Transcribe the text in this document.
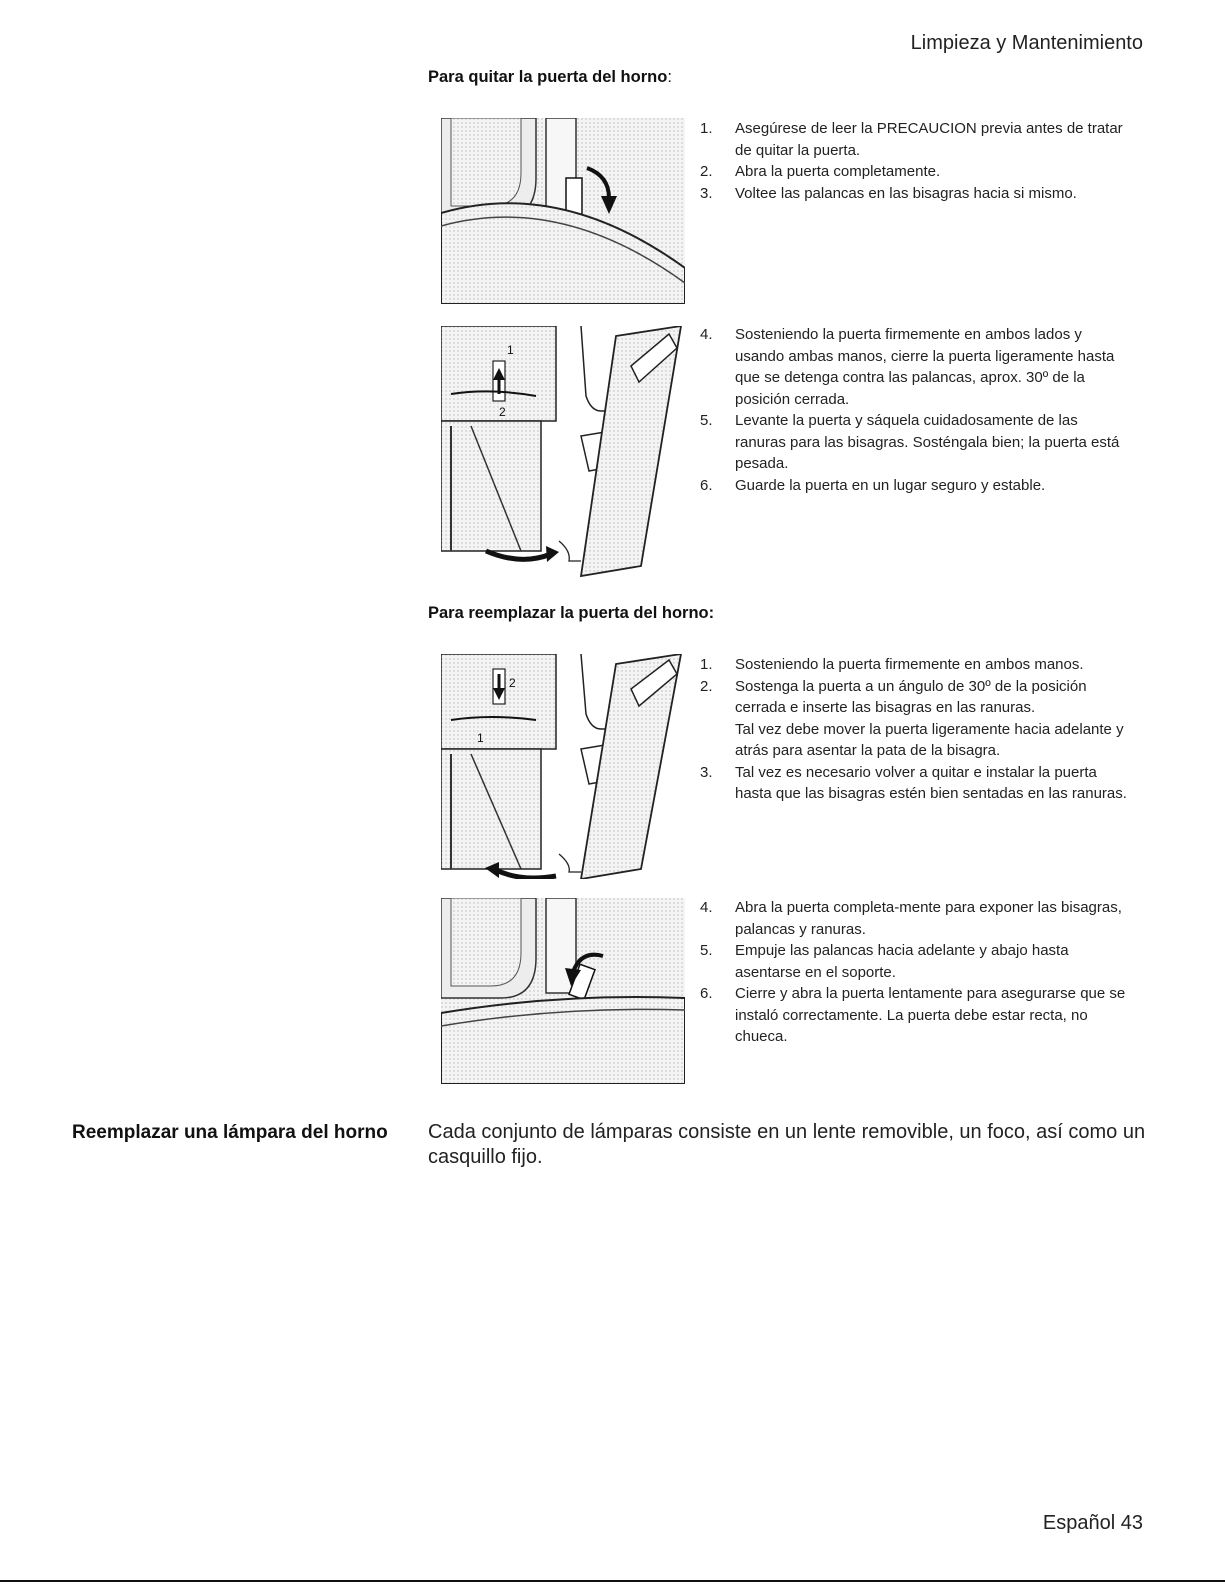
Limpieza y Mantenimiento
Para quitar la puerta del horno:
1. Asegúrese de leer la PRECAUCION previa antes de tratar de quitar la puerta.
2. Abra la puerta completamente.
3. Voltee las palancas en las bisagras hacia si mismo.
1
2
4. Sosteniendo la puerta firmemente en ambos lados y usando ambas manos, cierre la puerta ligeramente hasta que se detenga contra las palancas, aprox. 30º de la posición cerrada.
5. Levante la puerta y sáquela cuidadosamente de las ranuras para las bisagras. Sosténgala bien; la puerta está pesada.
6. Guarde la puerta en un lugar seguro y estable.
Para reemplazar la puerta del horno:
2
1
1. Sosteniendo la puerta firmemente en ambos manos.
2. Sostenga la puerta a un ángulo de 30º de la posición cerrada e inserte las bisagras en las ranuras.
Tal vez debe mover la puerta ligeramente hacia adelante y atrás para asentar la pata de la bisagra.
3. Tal vez es necesario volver a quitar e instalar la puerta hasta que las bisagras estén bien sentadas en las ranuras.
4. Abra la puerta completa-mente para exponer las bisagras, palancas y ranuras.
5. Empuje las palancas hacia adelante y abajo hasta asentarse en el soporte.
6. Cierre y abra la puerta lentamente para asegurarse que se instaló correctamente. La puerta debe estar recta, no chueca.
Reemplazar una lámpara del horno Cada conjunto de lámparas consiste en un lente removible, un foco, así como un casquillo fijo.
Español 43
